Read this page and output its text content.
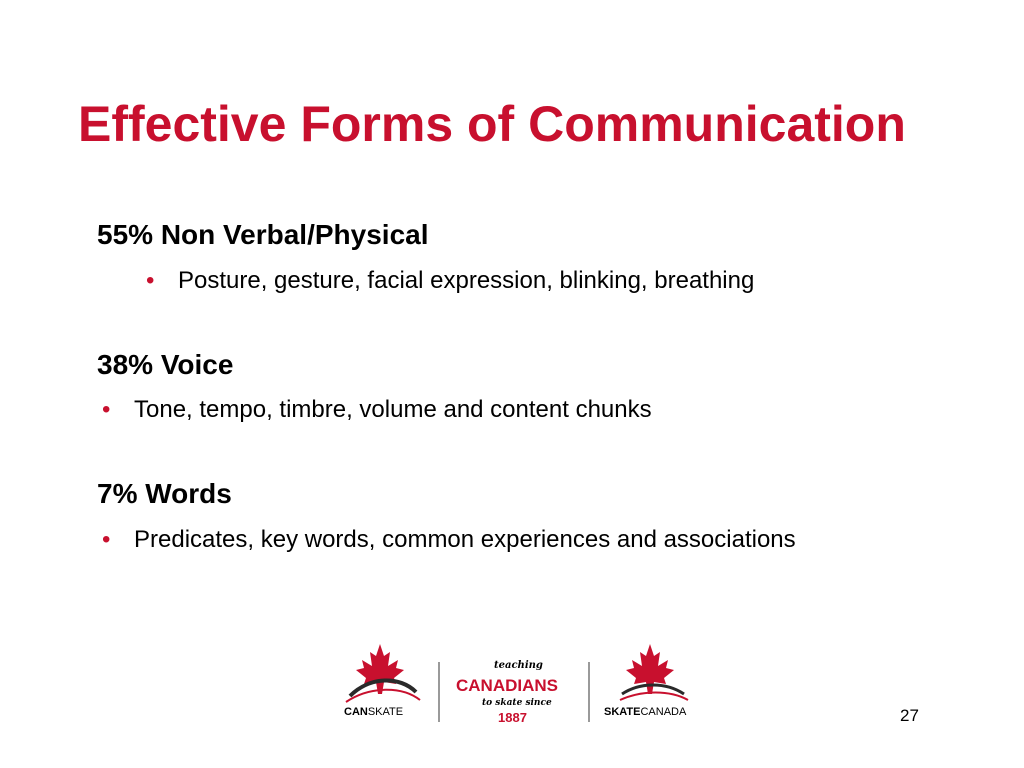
Effective Forms of Communication
55% Non Verbal/Physical

• Posture, gesture, facial expression, blinking, breathing

38% Voice

• Tone, tempo, timbre, volume and content chunks

7% Words

• Predicates, key words, common experiences and associations

CANSKATE
teaching
CANADIANS
to skate since
1887	SKATECANADA	27
